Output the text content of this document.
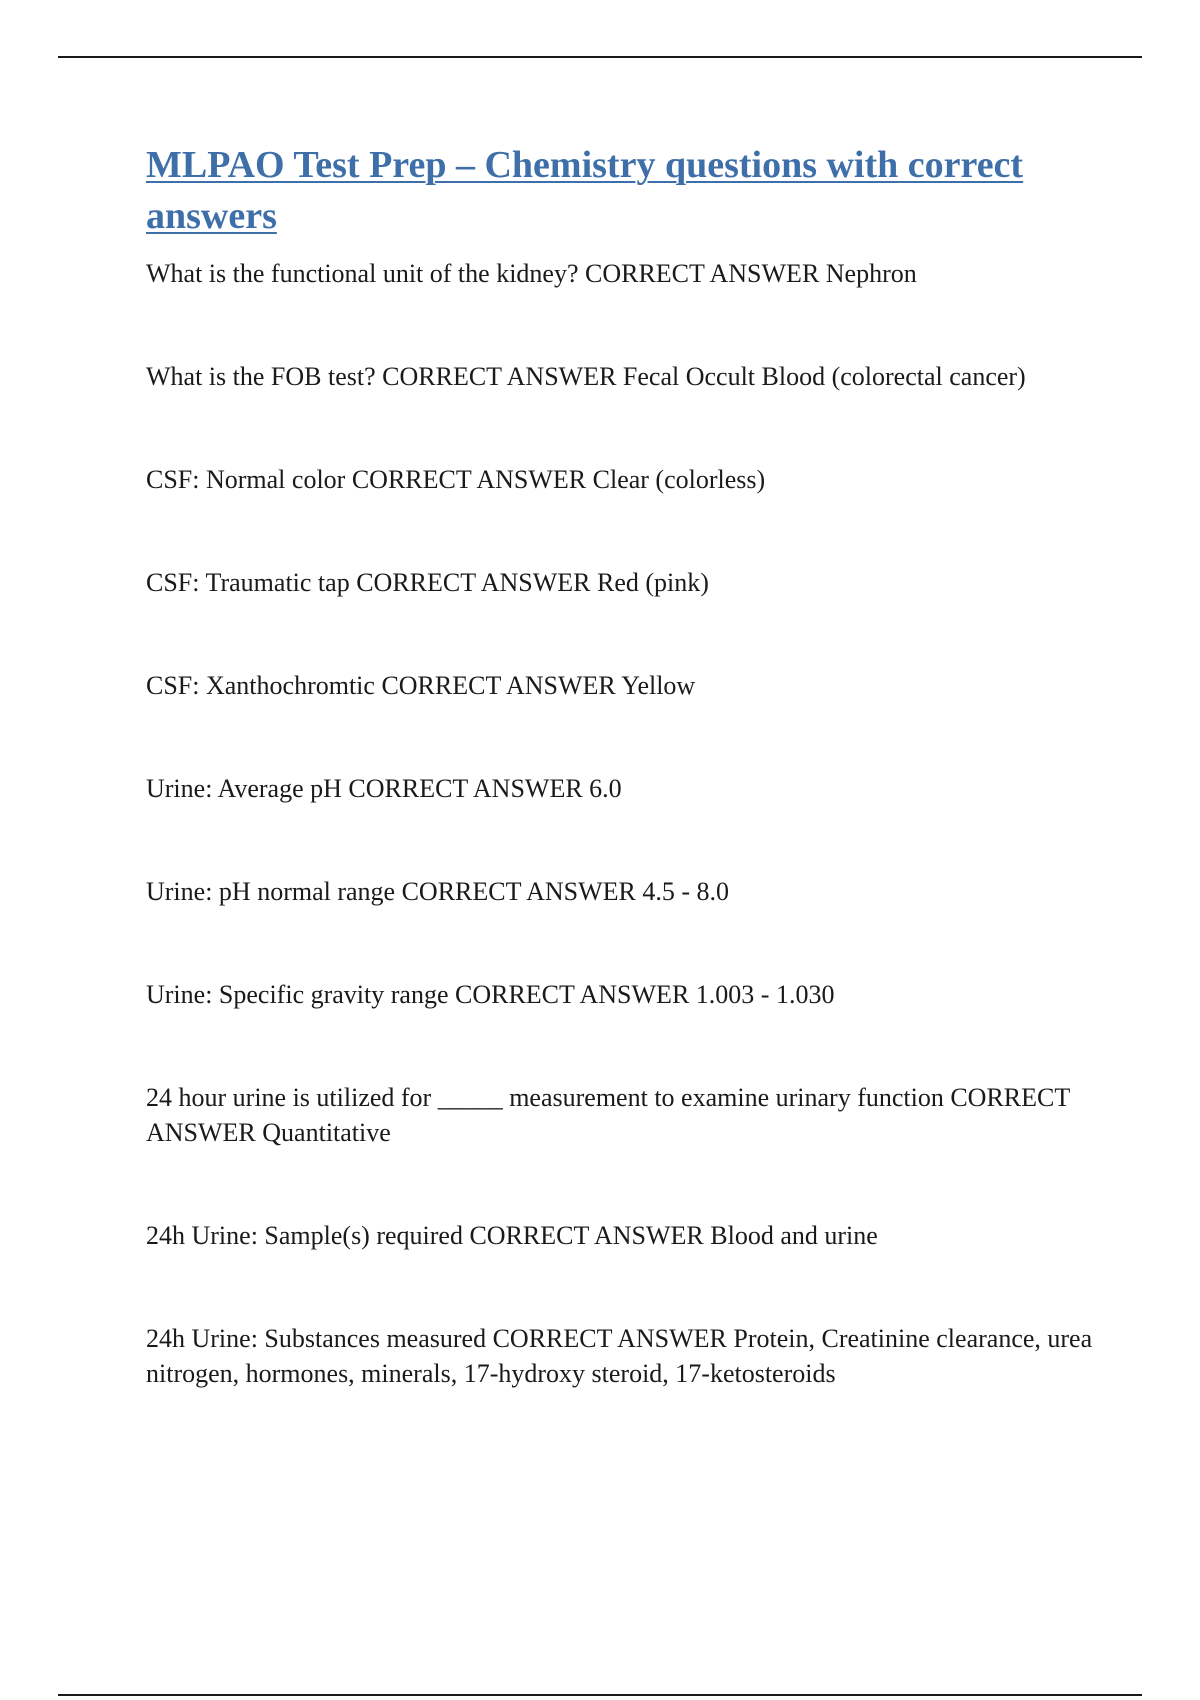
MLPAO Test Prep – Chemistry questions with correct answers
What is the functional unit of the kidney? CORRECT ANSWER Nephron
What is the FOB test? CORRECT ANSWER Fecal Occult Blood (colorectal cancer)
CSF: Normal color CORRECT ANSWER Clear (colorless)
CSF: Traumatic tap CORRECT ANSWER Red (pink)
CSF: Xanthochromtic CORRECT ANSWER Yellow
Urine: Average pH CORRECT ANSWER 6.0
Urine: pH normal range CORRECT ANSWER 4.5 - 8.0
Urine: Specific gravity range CORRECT ANSWER 1.003 - 1.030
24 hour urine is utilized for _____ measurement to examine urinary function CORRECT ANSWER Quantitative
24h Urine: Sample(s) required CORRECT ANSWER Blood and urine
24h Urine: Substances measured CORRECT ANSWER Protein, Creatinine clearance, urea nitrogen, hormones, minerals, 17-hydroxy steroid, 17-ketosteroids
